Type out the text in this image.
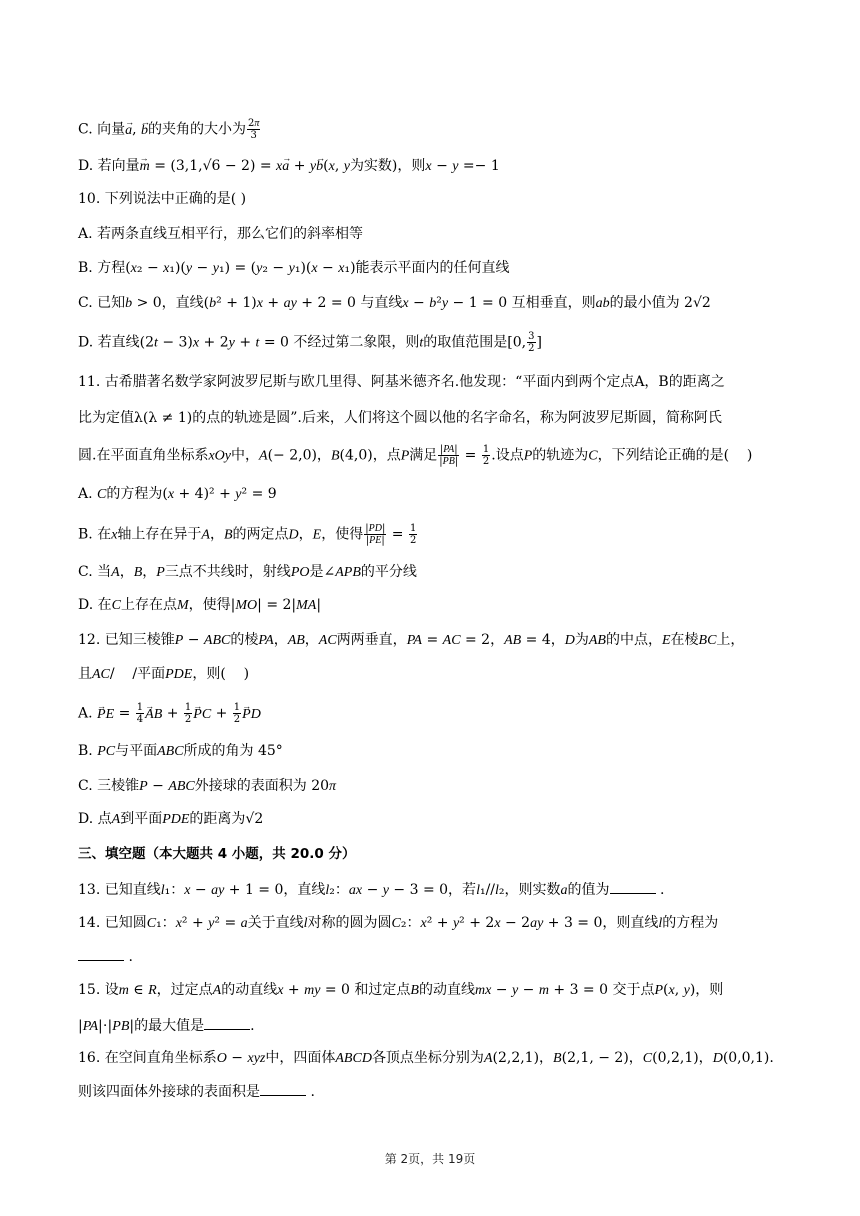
C. 向量→ a, → b的夹角的大小为 $\frac{2\pi}{3}$
D. 若向量→ m = (3,1,√6 − 2) = x→ a + y→ b(x, y为实数)，则x − y =− 1
10. 下列说法中正确的是( )
A. 若两条直线互相平行，那么它们的斜率相等
B. 方程(x₂ − x₁)(y − y₁) = (y₂ − y₁)(x − x₁)能表示平面内的任何直线
C. 已知b > 0，直线(b² + 1)x + ay + 2 = 0 与直线x − b²y − 1 = 0 互相垂直，则ab的最小值为 2√2
D. 若直线(2t − 3)x + 2y + t = 0 不经过第二象限，则t的取值范围是[0, $\frac{3}{2}$ ]
11. 古希腊著名数学家阿波罗尼斯与欧几里得、阿基米德齐名.他发现：“平面内到两个定点A，B的距离之
比为定值λ(λ ≠ 1)的点的轨迹是圆”.后来，人们将这个圆以他的名字命名，称为阿波罗尼斯圆，简称阿氏
圆.在平面直角坐标系xOy中，A(− 2,0)，B(4,0)，点P满足 $\frac{|PA|}{|PB|} = \frac{1}{2}$ .设点P的轨迹为C，下列结论正确的是(    )
A. C的方程为(x + 4)² + y² = 9
B. 在x轴上存在异于A，B的两定点D，E，使得 $\frac{|PD|}{|PE|} = \frac{1}{2}$
C. 当A，B，P三点不共线时，射线PO是∠APB的平分线
D. 在C上存在点M，使得|MO| = 2|MA|
12. 已知三棱锥P − ABC的棱PA，AB，AC两两垂直，PA = AC = 2，AB = 4，D为AB的中点，E在棱BC上，
且AC/    /平面PDE，则(    )
A. → PE = $\frac{1}{4}$ → AB + $\frac{1}{2}$ → PC + $\frac{1}{2}$ → PD
B. PC与平面ABC所成的角为 45°
C. 三棱锥P − ABC外接球的表面积为 20π
D. 点A到平面PDE的距离为√2
三、填空题（本大题共 4 小题，共 20.0 分）
13. 已知直线l₁：x − ay + 1 = 0，直线l₂：ax − y − 3 = 0，若l₁//l₂，则实数a的值为	.
14. 已知圆C₁：x² + y² = a关于直线l对称的圆为圆C₂：x² + y² + 2x − 2ay + 3 = 0，则直线l的方程为
.
15. 设m ∈ R，过定点A的动直线x + my = 0 和过定点B的动直线mx − y − m + 3 = 0 交于点P(x, y)，则
|PA|⋅|PB|的最大值是	.
16. 在空间直角坐标系O − xyz中，四面体ABCD各顶点坐标分别为A(2,2,1)，B(2,1, − 2)，C(0,2,1)，D(0,0,1).
则该四面体外接球的表面积是	.
第 2页，共 19页
